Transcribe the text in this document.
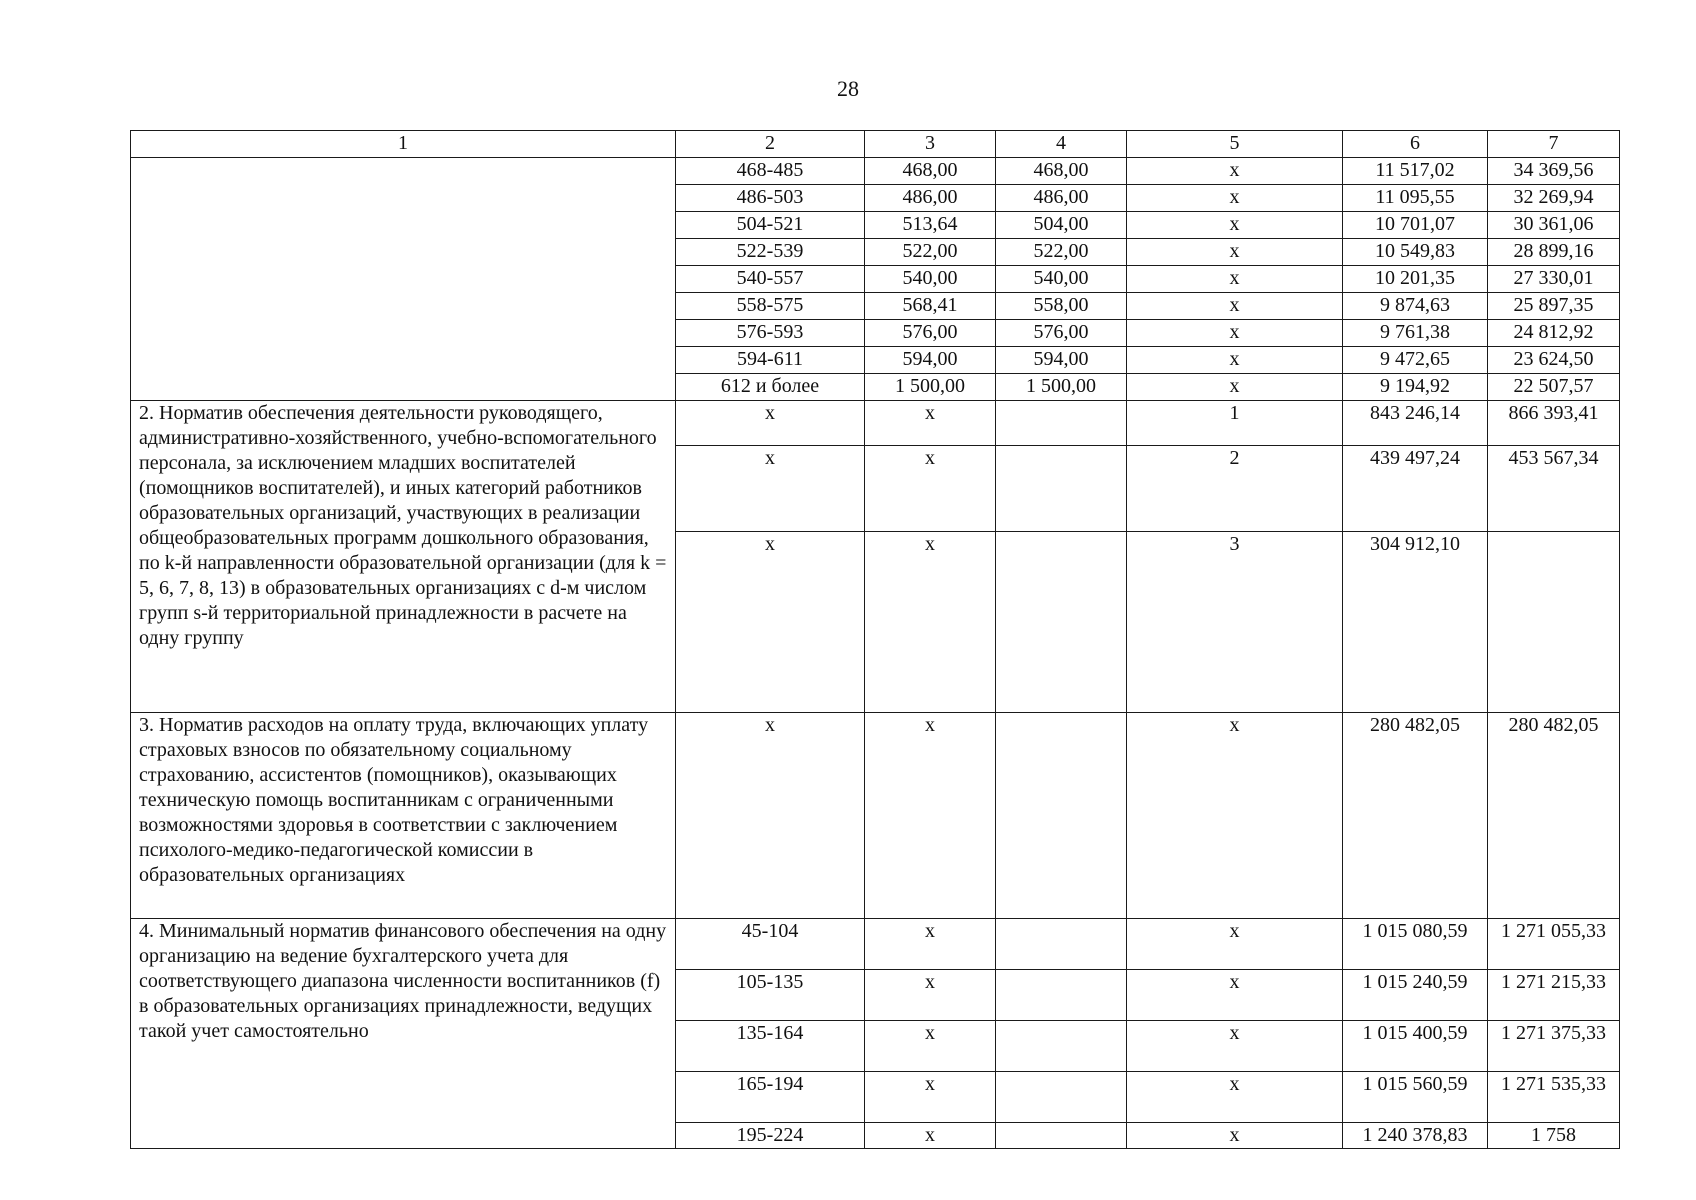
28
1	2	3	4	5	6	7
	468-485	468,00	468,00	x	11 517,02	34 369,56
	486-503	486,00	486,00	x	11 095,55	32 269,94
	504-521	513,64	504,00	x	10 701,07	30 361,06
	522-539	522,00	522,00	x	10 549,83	28 899,16
	540-557	540,00	540,00	x	10 201,35	27 330,01
	558-575	568,41	558,00	x	9 874,63	25 897,35
	576-593	576,00	576,00	x	9 761,38	24 812,92
	594-611	594,00	594,00	x	9 472,65	23 624,50
	612 и более	1 500,00	1 500,00	x	9 194,92	22 507,57
2. Норматив обеспечения деятельности руководящего, административно-хозяйственного, учебно-вспомогательного персонала, за исключением младших воспитателей (помощников воспитателей), и иных категорий работников образовательных организаций, участвующих в реализации общеобразовательных программ дошкольного образования, по k-й направленности образовательной организации (для k = 5, 6, 7, 8, 13) в образовательных организациях с d-м числом групп s-й территориальной принадлежности в расчете на одну группу	x	x		1	843 246,14	866 393,41
	x	x		2	439 497,24	453 567,34
	x	x		3	304 912,10	
3. Норматив расходов на оплату труда, включающих уплату страховых взносов по обязательному социальному страхованию, ассистентов (помощников), оказывающих техническую помощь воспитанникам с ограниченными возможностями здоровья в соответствии с заключением психолого-медико-педагогической комиссии в образовательных организациях	x	x		x	280 482,05	280 482,05
4. Минимальный норматив финансового обеспечения на одну организацию на ведение бухгалтерского учета для соответствующего диапазона численности воспитанников (f) в образовательных организациях принадлежности, ведущих такой учет самостоятельно	45-104	x		x	1 015 080,59	1 271 055,33
	105-135	x		x	1 015 240,59	1 271 215,33
	135-164	x		x	1 015 400,59	1 271 375,33
	165-194	x		x	1 015 560,59	1 271 535,33
	195-224	x		x	1 240 378,83	1 758
